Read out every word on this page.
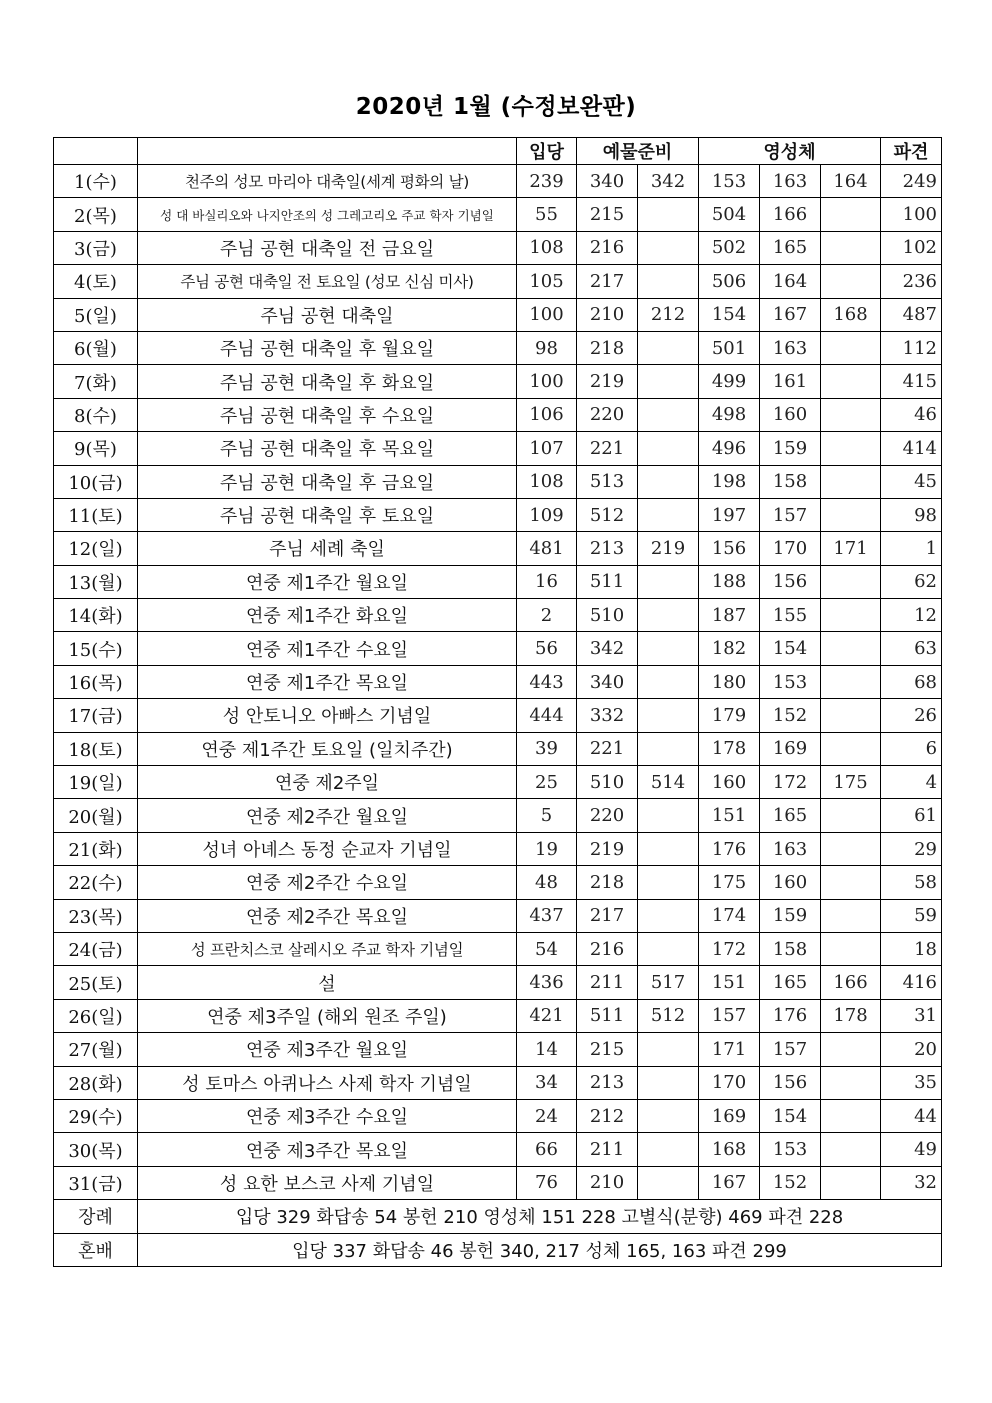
2020년 1월 (수정보완판)
		입당	예물준비		영성체			파견
1(수)	천주의 성모 마리아 대축일(세계 평화의 날)	239	340	342	153	163	164	249
2(목)	성 대 바실리오와 나지안조의 성 그레고리오 주교 학자 기념일	55	215		504	166		100
3(금)	주님 공현 대축일 전 금요일	108	216		502	165		102
4(토)	주님 공현 대축일 전 토요일 (성모 신심 미사)	105	217		506	164		236
5(일)	주님 공현 대축일	100	210	212	154	167	168	487
6(월)	주님 공현 대축일 후 월요일	98	218		501	163		112
7(화)	주님 공현 대축일 후 화요일	100	219		499	161		415
8(수)	주님 공현 대축일 후 수요일	106	220		498	160		46
9(목)	주님 공현 대축일 후 목요일	107	221		496	159		414
10(금)	주님 공현 대축일 후 금요일	108	513		198	158		45
11(토)	주님 공현 대축일 후 토요일	109	512		197	157		98
12(일)	주님 세례 축일	481	213	219	156	170	171	1
13(월)	연중 제1주간 월요일	16	511		188	156		62
14(화)	연중 제1주간 화요일	2	510		187	155		12
15(수)	연중 제1주간 수요일	56	342		182	154		63
16(목)	연중 제1주간 목요일	443	340		180	153		68
17(금)	성 안토니오 아빠스 기념일	444	332		179	152		26
18(토)	연중 제1주간 토요일 (일치주간)	39	221		178	169		6
19(일)	연중 제2주일	25	510	514	160	172	175	4
20(월)	연중 제2주간 월요일	5	220		151	165		61
21(화)	성녀 아녜스 동정 순교자 기념일	19	219		176	163		29
22(수)	연중 제2주간 수요일	48	218		175	160		58
23(목)	연중 제2주간 목요일	437	217		174	159		59
24(금)	성 프란치스코 살레시오 주교 학자 기념일	54	216		172	158		18
25(토)	설	436	211	517	151	165	166	416
26(일)	연중 제3주일 (해외 원조 주일)	421	511	512	157	176	178	31
27(월)	연중 제3주간 월요일	14	215		171	157		20
28(화)	성 토마스 아퀴나스 사제 학자 기념일	34	213		170	156		35
29(수)	연중 제3주간 수요일	24	212		169	154		44
30(목)	연중 제3주간 목요일	66	211		168	153		49
31(금)	성 요한 보스코 사제 기념일	76	210		167	152		32
장례	입당 329 화답송 54 봉헌 210 영성체 151 228 고별식(분향) 469 파견 228							
혼배	입당 337 화답송 46 봉헌 340, 217 성체 165, 163 파견 299							
